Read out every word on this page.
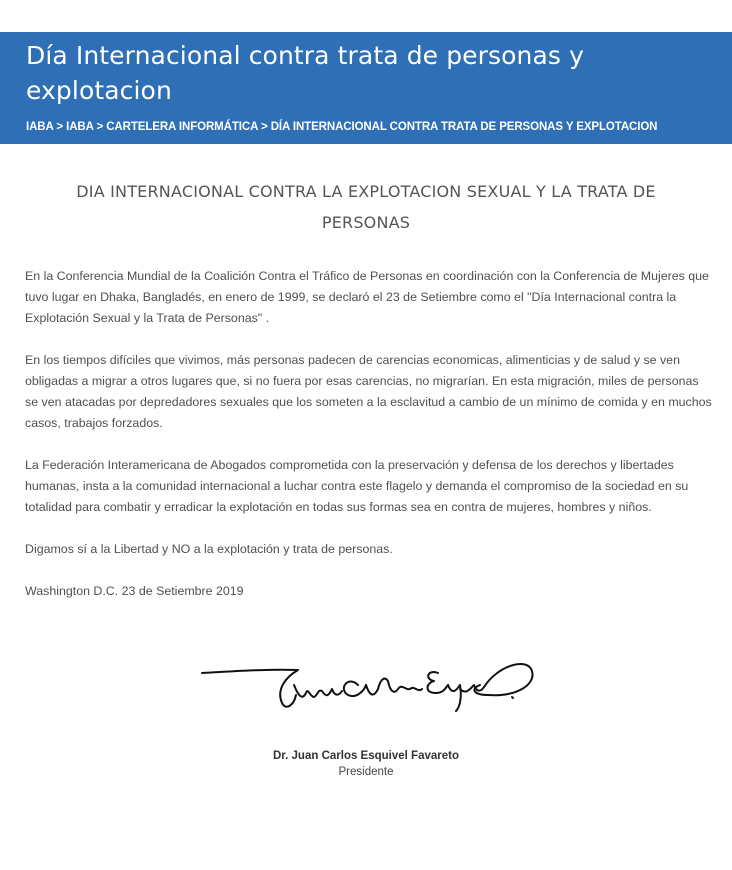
Día Internacional contra trata de personas y explotacion
IABA > IABA > CARTELERA INFORMÁTICA > DÍA INTERNACIONAL CONTRA TRATA DE PERSONAS Y EXPLOTACION
DIA INTERNACIONAL CONTRA LA EXPLOTACION SEXUAL Y LA TRATA DE PERSONAS

En la Conferencia Mundial de la Coalición Contra el Tráfico de Personas en coordinación con la Conferencia de Mujeres que tuvo lugar en Dhaka, Bangladés, en enero de 1999, se declaró el 23 de Setiembre como el "Día Internacional contra la Explotación Sexual y la Trata de Personas" .

En los tiempos difíciles que vivimos, más personas padecen de carencias economicas, alimenticias y de salud y se ven obligadas a migrar a otros lugares que, si no fuera por esas carencias, no migrarían. En esta migración, miles de personas se ven atacadas por depredadores sexuales que los someten a la esclavitud a cambio de un mínimo de comida y en muchos casos, trabajos forzados.

La Federación Interamericana de Abogados comprometida con la preservación y defensa de los derechos y libertades humanas, insta a la comunidad internacional a luchar contra este flagelo y demanda el compromiso de la sociedad en su totalidad para combatir y erradicar la explotación en todas sus formas sea en contra de mujeres, hombres y niños.

Digamos sí a la Libertad y NO a la explotación y trata de personas.

Washington D.C. 23 de Setiembre 2019

Dr. Juan Carlos Esquivel Favareto
Presidente
